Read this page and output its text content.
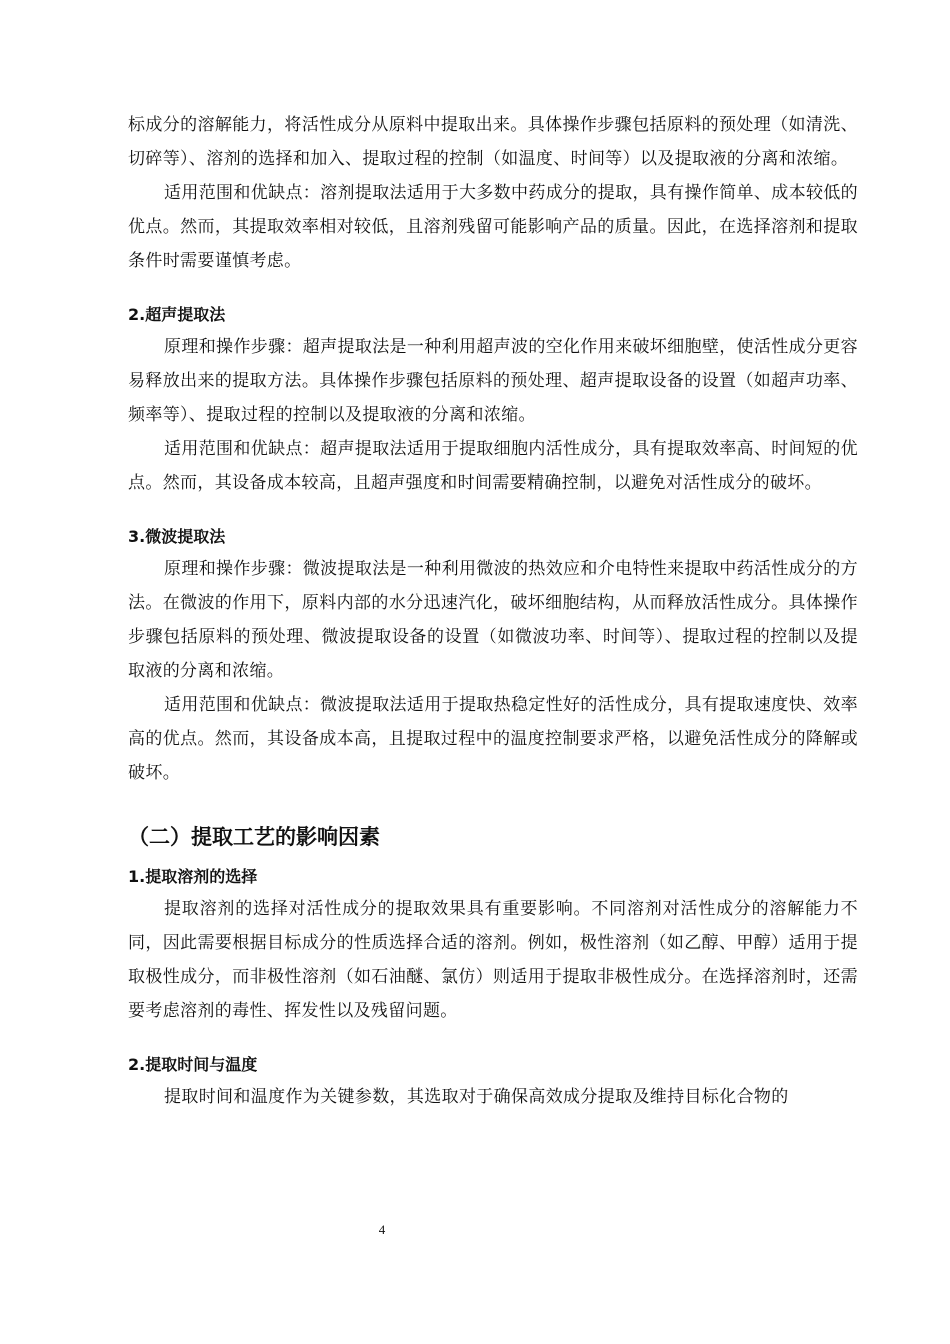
标成分的溶解能力，将活性成分从原料中提取出来。具体操作步骤包括原料的预处理（如清洗、切碎等）、溶剂的选择和加入、提取过程的控制（如温度、时间等）以及提取液的分离和浓缩。

适用范围和优缺点：溶剂提取法适用于大多数中药成分的提取，具有操作简单、成本较低的优点。然而，其提取效率相对较低，且溶剂残留可能影响产品的质量。因此，在选择溶剂和提取条件时需要谨慎考虑。

2.超声提取法

原理和操作步骤：超声提取法是一种利用超声波的空化作用来破坏细胞壁，使活性成分更容易释放出来的提取方法。具体操作步骤包括原料的预处理、超声提取设备的设置（如超声功率、频率等）、提取过程的控制以及提取液的分离和浓缩。

适用范围和优缺点：超声提取法适用于提取细胞内活性成分，具有提取效率高、时间短的优点。然而，其设备成本较高，且超声强度和时间需要精确控制，以避免对活性成分的破坏。

3.微波提取法

原理和操作步骤：微波提取法是一种利用微波的热效应和介电特性来提取中药活性成分的方法。在微波的作用下，原料内部的水分迅速汽化，破坏细胞结构，从而释放活性成分。具体操作步骤包括原料的预处理、微波提取设备的设置（如微波功率、时间等）、提取过程的控制以及提取液的分离和浓缩。

适用范围和优缺点：微波提取法适用于提取热稳定性好的活性成分，具有提取速度快、效率高的优点。然而，其设备成本高，且提取过程中的温度控制要求严格，以避免活性成分的降解或破坏。

（二）提取工艺的影响因素
1.提取溶剂的选择

提取溶剂的选择对活性成分的提取效果具有重要影响。不同溶剂对活性成分的溶解能力不同，因此需要根据目标成分的性质选择合适的溶剂。例如，极性溶剂（如乙醇、甲醇）适用于提取极性成分，而非极性溶剂（如石油醚、氯仿）则适用于提取非极性成分。在选择溶剂时，还需要考虑溶剂的毒性、挥发性以及残留问题。

2.提取时间与温度

提取时间和温度作为关键参数，其选取对于确保高效成分提取及维持目标化合物的

4
